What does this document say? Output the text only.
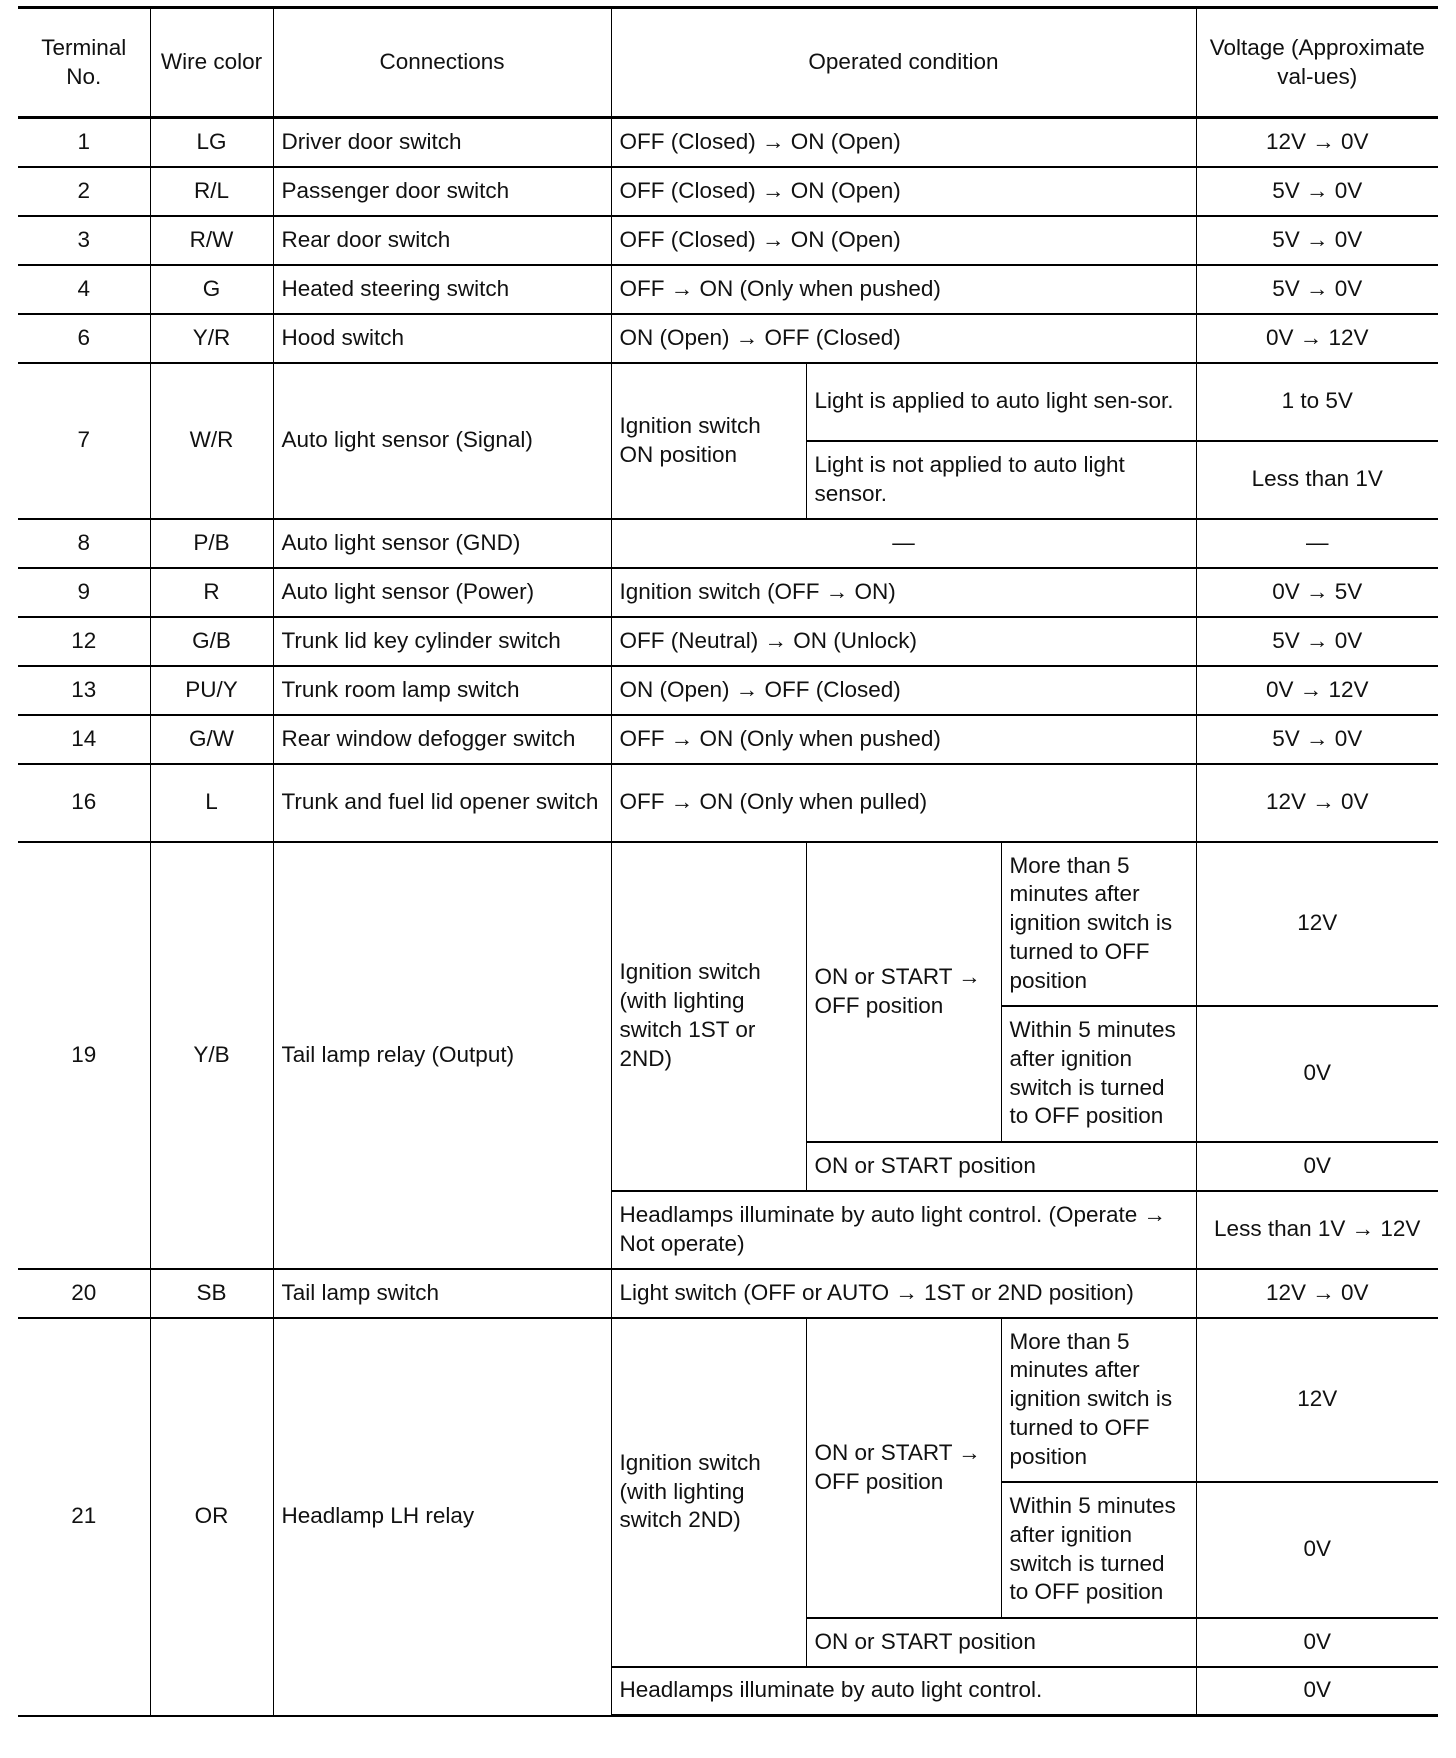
Terminal No.	Wire color	Connections	Operated condition			Voltage (Approximate val-ues)
1	LG	Driver door switch	OFF (Closed) → ON (Open)			12V → 0V
2	R/L	Passenger door switch	OFF (Closed) → ON (Open)			5V → 0V
3	R/W	Rear door switch	OFF (Closed) → ON (Open)			5V → 0V
4	G	Heated steering switch	OFF → ON (Only when pushed)			5V → 0V
6	Y/R	Hood switch	ON (Open) → OFF (Closed)			0V → 12V
7	W/R	Auto light sensor (Signal)	Ignition switch ON position	Light is applied to auto light sen-sor.		1 to 5V
				Light is not applied to auto light sensor.		Less than 1V
8	P/B	Auto light sensor (GND)	—			—
9	R	Auto light sensor (Power)	Ignition switch (OFF → ON)			0V → 5V
12	G/B	Trunk lid key cylinder switch	OFF (Neutral) → ON (Unlock)			5V → 0V
13	PU/Y	Trunk room lamp switch	ON (Open) → OFF (Closed)			0V → 12V
14	G/W	Rear window defogger switch	OFF → ON (Only when pushed)			5V → 0V
16	L	Trunk and fuel lid opener switch	OFF → ON (Only when pulled)			12V → 0V
19	Y/B	Tail lamp relay (Output)	Ignition switch (with lighting switch 1ST or 2ND)	ON or START → OFF position	More than 5 minutes after ignition switch is turned to OFF position	12V
					Within 5 minutes after ignition switch is turned to OFF position	0V
				ON or START position		0V
			Headlamps illuminate by auto light control. (Operate → Not operate)			Less than 1V → 12V
20	SB	Tail lamp switch	Light switch (OFF or AUTO → 1ST or 2ND position)			12V → 0V
21	OR	Headlamp LH relay	Ignition switch (with lighting switch 2ND)	ON or START → OFF position	More than 5 minutes after ignition switch is turned to OFF position	12V
					Within 5 minutes after ignition switch is turned to OFF position	0V
				ON or START position		0V
			Headlamps illuminate by auto light control.			0V
